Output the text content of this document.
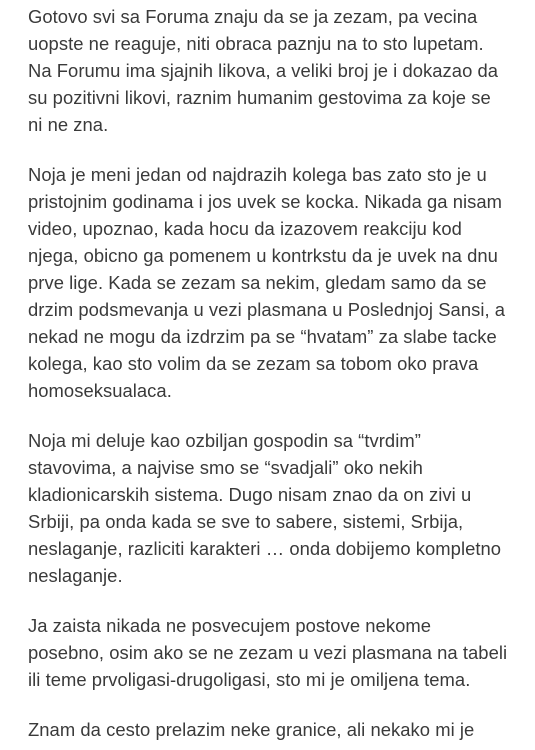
Gotovo svi sa Foruma znaju da se ja zezam, pa vecina
uopste ne reaguje, niti obraca paznju na to sto lupetam.
Na Forumu ima sjajnih likova, a veliki broj je i dokazao da
su pozitivni likovi, raznim humanim gestovima za koje se
ni ne zna.

Noja je meni jedan od najdrazih kolega bas zato sto je u
pristojnim godinama i jos uvek se kocka. Nikada ga nisam
video, upoznao, kada hocu da izazovem reakciju kod
njega, obicno ga pomenem u kontrkstu da je uvek na dnu
prve lige. Kada se zezam sa nekim, gledam samo da se
drzim podsmevanja u vezi plasmana u Poslednjoj Sansi, a
nekad ne mogu da izdrzim pa se “hvatam” za slabe tacke
kolega, kao sto volim da se zezam sa tobom oko prava
homoseksualaca.

Noja mi deluje kao ozbiljan gospodin sa “tvrdim”
stavovima, a najvise smo se “svadjali” oko nekih
kladionicarskih sistema. Dugo nisam znao da on zivi u
Srbiji, pa onda kada se sve to sabere, sistemi, Srbija,
neslaganje, razliciti karakteri … onda dobijemo kompletno
neslaganje.

Ja zaista nikada ne posvecujem postove nekome
posebno, osim ako se ne zezam u vezi plasmana na tabeli
ili teme prvoligasi-drugoligasi, sto mi je omiljena tema.

Znam da cesto prelazim neke granice, ali nekako mi je
